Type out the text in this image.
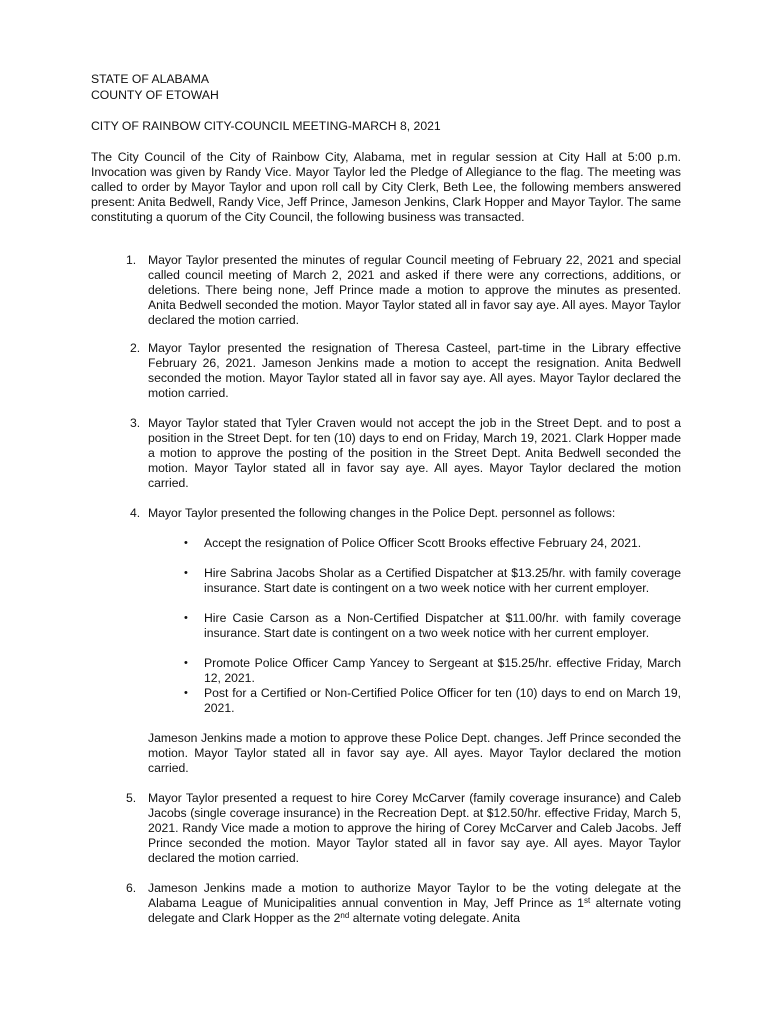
STATE OF ALABAMA

COUNTY OF ETOWAH

CITY OF RAINBOW CITY-COUNCIL MEETING-MARCH 8, 2021

The City Council of the City of Rainbow City, Alabama, met in regular session at City Hall at 5:00 p.m. Invocation was given by Randy Vice. Mayor Taylor led the Pledge of Allegiance to the flag. The meeting was called to order by Mayor Taylor and upon roll call by City Clerk, Beth Lee, the following members answered present: Anita Bedwell, Randy Vice, Jeff Prince, Jameson Jenkins, Clark Hopper and Mayor Taylor. The same constituting a quorum of the City Council, the following business was transacted.

1. Mayor Taylor presented the minutes of regular Council meeting of February 22, 2021 and special called council meeting of March 2, 2021 and asked if there were any corrections, additions, or deletions. There being none, Jeff Prince made a motion to approve the minutes as presented. Anita Bedwell seconded the motion. Mayor Taylor stated all in favor say aye. All ayes. Mayor Taylor declared the motion carried.

2. Mayor Taylor presented the resignation of Theresa Casteel, part-time in the Library effective February 26, 2021. Jameson Jenkins made a motion to accept the resignation. Anita Bedwell seconded the motion. Mayor Taylor stated all in favor say aye. All ayes. Mayor Taylor declared the motion carried.

3. Mayor Taylor stated that Tyler Craven would not accept the job in the Street Dept. and to post a position in the Street Dept. for ten (10) days to end on Friday, March 19, 2021. Clark Hopper made a motion to approve the posting of the position in the Street Dept. Anita Bedwell seconded the motion. Mayor Taylor stated all in favor say aye. All ayes. Mayor Taylor declared the motion carried.

4. Mayor Taylor presented the following changes in the Police Dept. personnel as follows:

• Accept the resignation of Police Officer Scott Brooks effective February 24, 2021.

• Hire Sabrina Jacobs Sholar as a Certified Dispatcher at $13.25/hr. with family coverage insurance. Start date is contingent on a two week notice with her current employer.

• Hire Casie Carson as a Non-Certified Dispatcher at $11.00/hr. with family coverage insurance. Start date is contingent on a two week notice with her current employer.

• Promote Police Officer Camp Yancey to Sergeant at $15.25/hr. effective Friday, March 12, 2021.

• Post for a Certified or Non-Certified Police Officer for ten (10) days to end on March 19, 2021.

Jameson Jenkins made a motion to approve these Police Dept. changes. Jeff Prince seconded the motion. Mayor Taylor stated all in favor say aye. All ayes. Mayor Taylor declared the motion carried.

5. Mayor Taylor presented a request to hire Corey McCarver (family coverage insurance) and Caleb Jacobs (single coverage insurance) in the Recreation Dept. at $12.50/hr. effective Friday, March 5, 2021. Randy Vice made a motion to approve the hiring of Corey McCarver and Caleb Jacobs. Jeff Prince seconded the motion. Mayor Taylor stated all in favor say aye. All ayes. Mayor Taylor declared the motion carried.

6. Jameson Jenkins made a motion to authorize Mayor Taylor to be the voting delegate at the Alabama League of Municipalities annual convention in May, Jeff Prince as 1st alternate voting delegate and Clark Hopper as the 2nd alternate voting delegate. Anita
